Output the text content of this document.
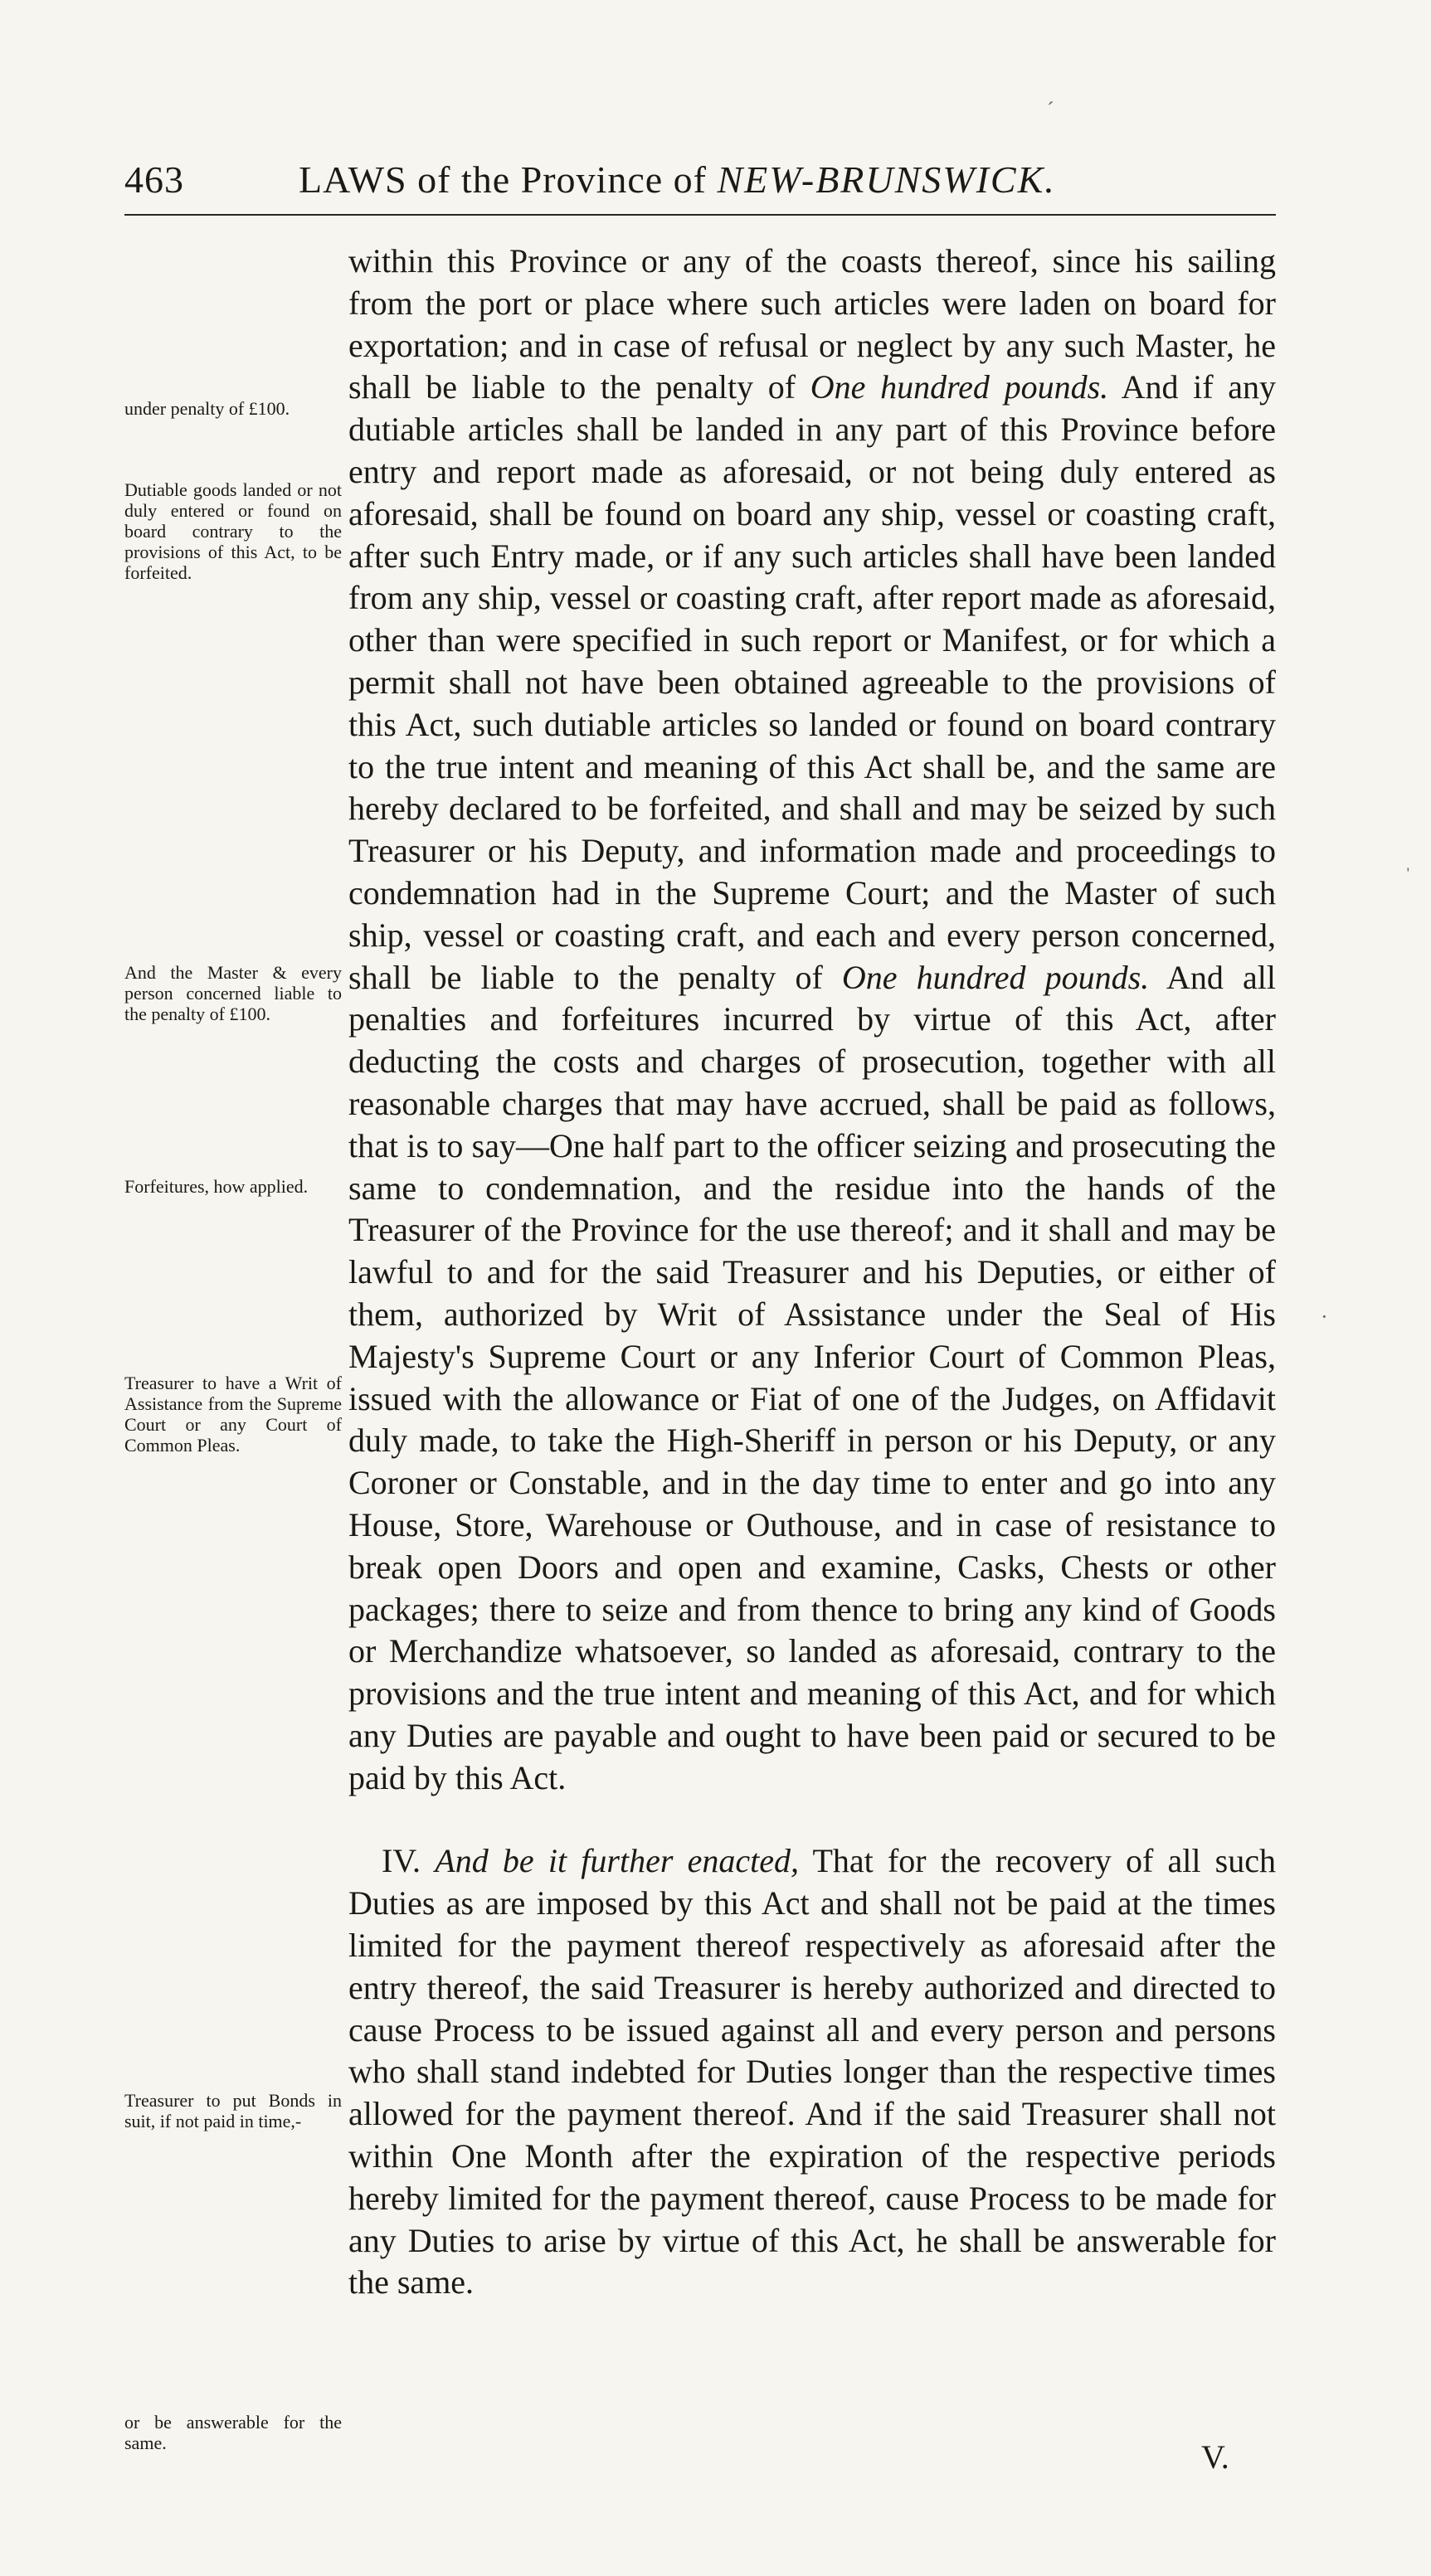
463	LAWS of the Province of NEW-BRUNSWICK.
under penalty of £100.
Dutiable goods landed or not duly entered or found on board contrary to the provisions of this Act, to be forfeited.
And the Master & every person concerned liable to the penalty of £100.
Forfeitures, how applied.
Treasurer to have a Writ of Assistance from the Supreme Court or any Court of Common Pleas.
Treasurer to put Bonds in suit, if not paid in time,-
or be answerable for the same.

within this Province or any of the coasts thereof, since his sailing from the port or place where such articles were laden on board for exportation; and in case of refusal or neglect by any such Master, he shall be liable to the penalty of One hundred pounds. And if any dutiable articles shall be landed in any part of this Province before entry and report made as aforesaid, or not being duly entered as aforesaid, shall be found on board any ship, vessel or coasting craft, after such Entry made, or if any such articles shall have been landed from any ship, vessel or coasting craft, after report made as aforesaid, other than were specified in such report or Manifest, or for which a permit shall not have been obtained agreeable to the provisions of this Act, such dutiable articles so landed or found on board contrary to the true intent and meaning of this Act shall be, and the same are hereby declared to be forfeited, and shall and may be seized by such Treasurer or his Deputy, and information made and proceedings to condemnation had in the Supreme Court; and the Master of such ship, vessel or coasting craft, and each and every person concerned, shall be liable to the penalty of One hundred pounds. And all penalties and forfeitures incurred by virtue of this Act, after deducting the costs and charges of prosecution, together with all reasonable charges that may have accrued, shall be paid as follows, that is to say—One half part to the officer seizing and prosecuting the same to condemnation, and the residue into the hands of the Treasurer of the Province for the use thereof; and it shall and may be lawful to and for the said Treasurer and his Deputies, or either of them, authorized by Writ of Assistance under the Seal of His Majesty's Supreme Court or any Inferior Court of Common Pleas, issued with the allowance or Fiat of one of the Judges, on Affidavit duly made, to take the High-Sheriff in person or his Deputy, or any Coroner or Constable, and in the day time to enter and go into any House, Store, Warehouse or Outhouse, and in case of resistance to break open Doors and open and examine, Casks, Chests or other packages; there to seize and from thence to bring any kind of Goods or Merchandize whatsoever, so landed as aforesaid, contrary to the provisions and the true intent and meaning of this Act, and for which any Duties are payable and ought to have been paid or secured to be paid by this Act.

IV. And be it further enacted, That for the recovery of all such Duties as are imposed by this Act and shall not be paid at the times limited for the payment thereof respectively as aforesaid after the entry thereof, the said Treasurer is hereby authorized and directed to cause Process to be issued against all and every person and persons who shall stand indebted for Duties longer than the respective times allowed for the payment thereof. And if the said Treasurer shall not within One Month after the expiration of the respective periods hereby limited for the payment thereof, cause Process to be made for any Duties to arise by virtue of this Act, he shall be answerable for the same.

V.
ˊ
ˌ
·
